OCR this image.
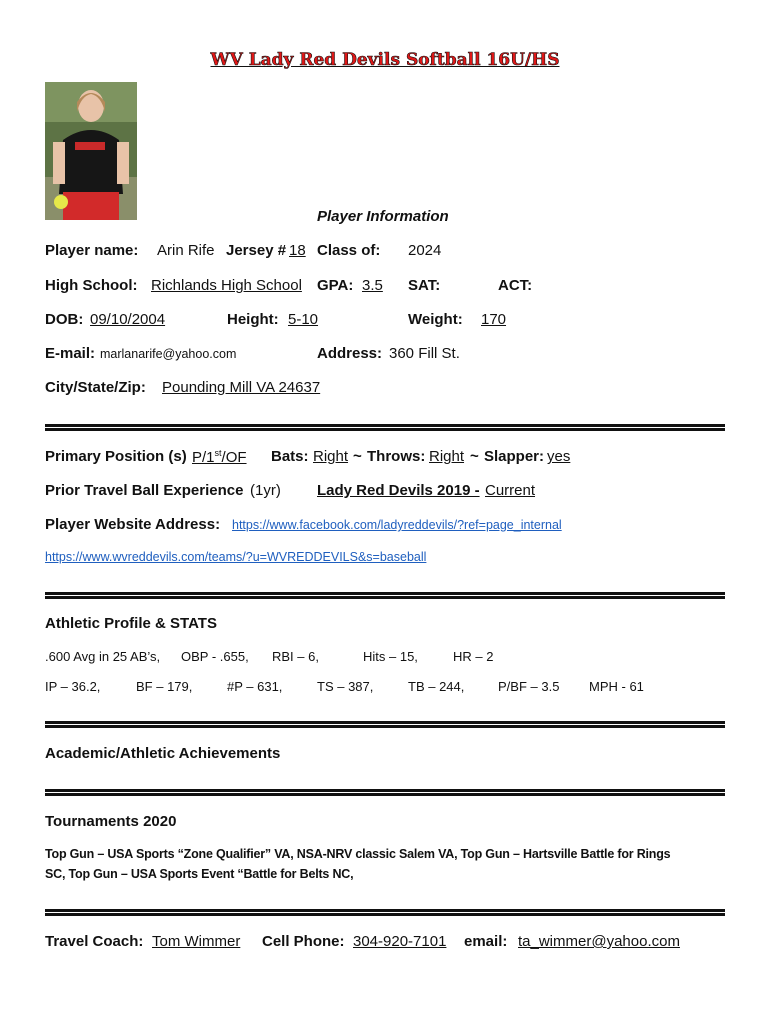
WV Lady Red Devils Softball 16U/HS
Player Information
Player name: Arin Rife Jersey # 18 Class of: 2024
High School: Richlands High School GPA: 3.5 SAT:	ACT:
DOB: 09/10/2004	Height: 5-10	Weight: 170
E-mail: marlanarife@yahoo.com	Address: 360 Fill St.
City/State/Zip: Pounding Mill VA 24637
Primary Position (s) P/1st/OF Bats: Right ~ Throws: Right ~ Slapper: yes
Prior Travel Ball Experience (1yr) Lady Red Devils 2019 - Current
Player Website Address: https://www.facebook.com/ladyreddevils/?ref=page_internal
https://www.wvreddevils.com/teams/?u=WVREDDEVILS&s=baseball
Athletic Profile & STATS
.600 Avg in 25 AB’s, OBP - .655, RBI – 6,	Hits – 15,	HR – 2
IP – 36.2,	BF – 179,	#P – 631,	TS – 387,	TB – 244,	P/BF – 3.5 MPH - 61
Academic/Athletic Achievements
Tournaments 2020
Top Gun – USA Sports “Zone Qualifier” VA, NSA-NRV classic Salem VA, Top Gun – Hartsville Battle for Rings
SC, Top Gun – USA Sports Event “Battle for Belts NC,
Travel Coach: Tom Wimmer Cell Phone: 304-920-7101 email: ta_wimmer@yahoo.com
